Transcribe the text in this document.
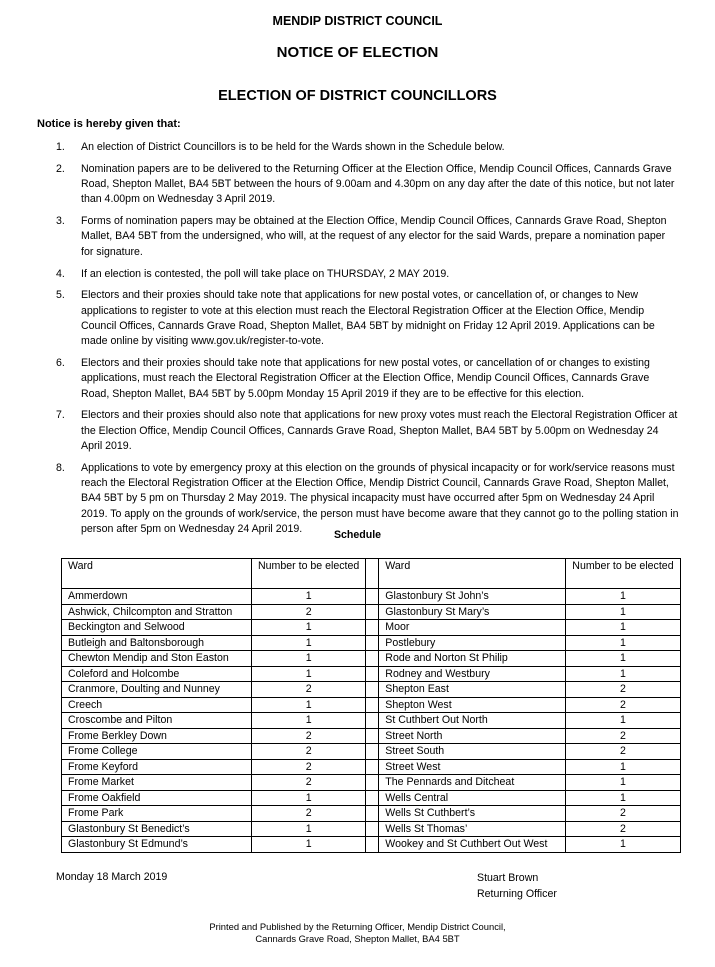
MENDIP DISTRICT COUNCIL
NOTICE OF ELECTION
ELECTION OF DISTRICT COUNCILLORS
Notice is hereby given that:
1. An election of District Councillors is to be held for the Wards shown in the Schedule below.
2. Nomination papers are to be delivered to the Returning Officer at the Election Office, Mendip Council Offices, Cannards Grave Road, Shepton Mallet, BA4 5BT between the hours of 9.00am and 4.30pm on any day after the date of this notice, but not later than 4.00pm on Wednesday 3 April 2019.
3. Forms of nomination papers may be obtained at the Election Office, Mendip Council Offices, Cannards Grave Road, Shepton Mallet, BA4 5BT from the undersigned, who will, at the request of any elector for the said Wards, prepare a nomination paper for signature.
4. If an election is contested, the poll will take place on THURSDAY, 2 MAY 2019.
5. Electors and their proxies should take note that applications for new postal votes, or cancellation of, or changes to New applications to register to vote at this election must reach the Electoral Registration Officer at the Election Office, Mendip Council Offices, Cannards Grave Road, Shepton Mallet, BA4 5BT by midnight on Friday 12 April 2019. Applications can be made online by visiting www.gov.uk/register-to-vote.
6. Electors and their proxies should take note that applications for new postal votes, or cancellation of or changes to existing applications, must reach the Electoral Registration Officer at the Election Office, Mendip Council Offices, Cannards Grave Road, Shepton Mallet, BA4 5BT by 5.00pm Monday 15 April 2019 if they are to be effective for this election.
7. Electors and their proxies should also note that applications for new proxy votes must reach the Electoral Registration Officer at the Election Office, Mendip Council Offices, Cannards Grave Road, Shepton Mallet, BA4 5BT by 5.00pm on Wednesday 24 April 2019.
8. Applications to vote by emergency proxy at this election on the grounds of physical incapacity or for work/service reasons must reach the Electoral Registration Officer at the Election Office, Mendip District Council, Cannards Grave Road, Shepton Mallet, BA4 5BT by 5 pm on Thursday 2 May 2019. The physical incapacity must have occurred after 5pm on Wednesday 24 April 2019. To apply on the grounds of work/service, the person must have become aware that they cannot go to the polling station in person after 5pm on Wednesday 24 April 2019.	Schedule
Ward	Number to be elected		Ward	Number to be elected
Ammerdown	1		Glastonbury St John’s	1
Ashwick, Chilcompton and Stratton	2		Glastonbury St Mary’s	1
Beckington and Selwood	1		Moor	1
Butleigh and Baltonsborough	1		Postlebury	1
Chewton Mendip and Ston Easton	1		Rode and Norton St Philip	1
Coleford and Holcombe	1		Rodney and Westbury	1
Cranmore, Doulting and Nunney	2		Shepton East	2
Creech	1		Shepton West	2
Croscombe and Pilton	1		St Cuthbert Out North	1
Frome Berkley Down	2		Street North	2
Frome College	2		Street South	2
Frome Keyford	2		Street West	1
Frome Market	2		The Pennards and Ditcheat	1
Frome Oakfield	1		Wells Central	1
Frome Park	2		Wells St Cuthbert’s	2
Glastonbury St Benedict’s	1		Wells St Thomas’	2
Glastonbury St Edmund’s	1		Wookey and St Cuthbert Out West	1
Monday 18 March 2019	Stuart Brown
Returning Officer
Printed and Published by the Returning Officer, Mendip District Council,
Cannards Grave Road, Shepton Mallet, BA4 5BT
